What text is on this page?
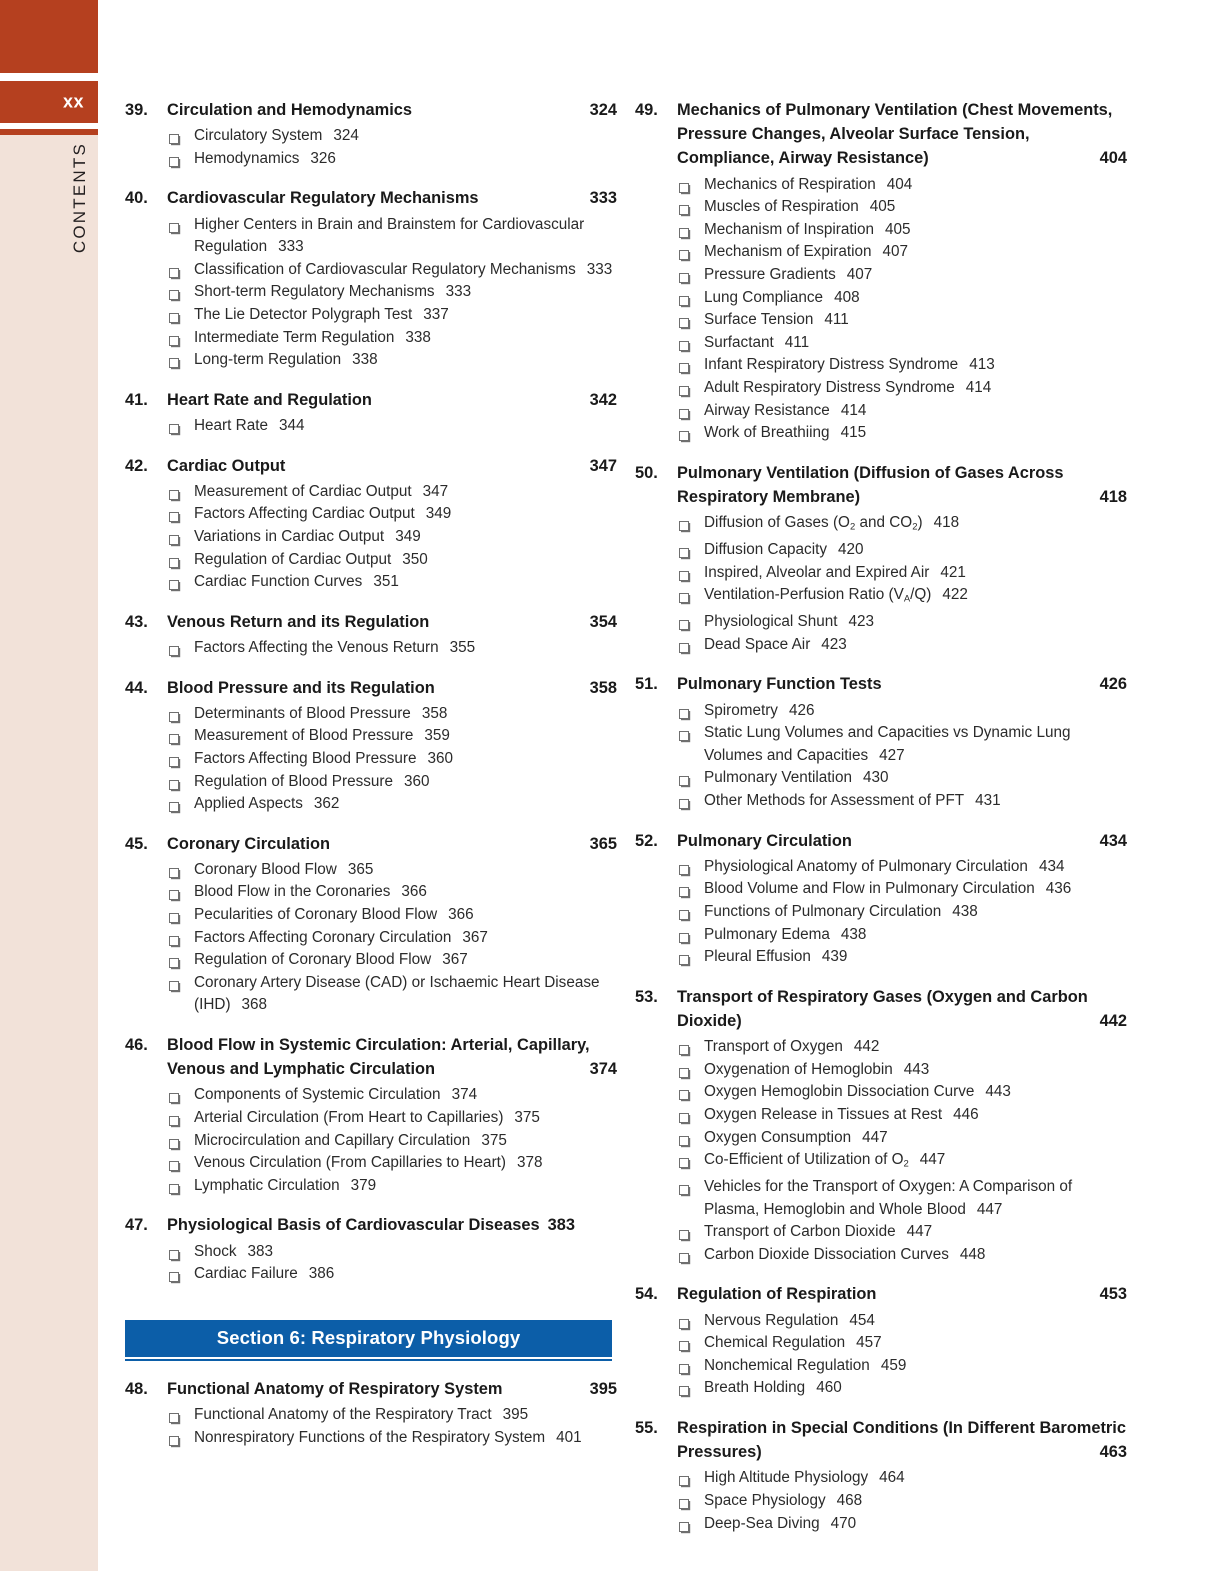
xx
CONTENTS
39.	Circulation and Hemodynamics	324
Circulatory System 324
Hemodynamics 326
40.	Cardiovascular Regulatory Mechanisms	333
Higher Centers in Brain and Brainstem for Cardiovascular Regulation 333
Classification of Cardiovascular Regulatory Mechanisms 333
Short-term Regulatory Mechanisms 333
The Lie Detector Polygraph Test 337
Intermediate Term Regulation 338
Long-term Regulation 338
41.	Heart Rate and Regulation	342
Heart Rate 344
42.	Cardiac Output	347
Measurement of Cardiac Output 347
Factors Affecting Cardiac Output 349
Variations in Cardiac Output 349
Regulation of Cardiac Output 350
Cardiac Function Curves 351
43.	Venous Return and its Regulation	354
Factors Affecting the Venous Return 355
44.	Blood Pressure and its Regulation	358
Determinants of Blood Pressure 358
Measurement of Blood Pressure 359
Factors Affecting Blood Pressure 360
Regulation of Blood Pressure 360
Applied Aspects 362
45.	Coronary Circulation	365
Coronary Blood Flow 365
Blood Flow in the Coronaries 366
Pecularities of Coronary Blood Flow 366
Factors Affecting Coronary Circulation 367
Regulation of Coronary Blood Flow 367
Coronary Artery Disease (CAD) or Ischaemic Heart Disease (IHD) 368
46.	Blood Flow in Systemic Circulation: Arterial, Capillary, Venous and Lymphatic Circulation	374
Components of Systemic Circulation 374
Arterial Circulation (From Heart to Capillaries) 375
Microcirculation and Capillary Circulation 375
Venous Circulation (From Capillaries to Heart) 378
Lymphatic Circulation 379
47.	Physiological Basis of Cardiovascular Diseases 383
Shock 383
Cardiac Failure 386
Section 6: Respiratory Physiology
48.	Functional Anatomy of Respiratory System	395
Functional Anatomy of the Respiratory Tract 395
Nonrespiratory Functions of the Respiratory System 401
49.	Mechanics of Pulmonary Ventilation (Chest Movements, Pressure Changes, Alveolar Surface Tension, Compliance, Airway Resistance)	404
Mechanics of Respiration 404
Muscles of Respiration 405
Mechanism of Inspiration 405
Mechanism of Expiration 407
Pressure Gradients 407
Lung Compliance 408
Surface Tension 411
Surfactant 411
Infant Respiratory Distress Syndrome 413
Adult Respiratory Distress Syndrome 414
Airway Resistance 414
Work of Breathiing 415
50.	Pulmonary Ventilation (Diffusion of Gases Across Respiratory Membrane)	418
Diffusion of Gases ($O_2$ and $CO_2$) 418
Diffusion Capacity 420
Inspired, Alveolar and Expired Air 421
Ventilation-Perfusion Ratio $(V_A/Q)$ 422
Physiological Shunt 423
Dead Space Air 423
51.	Pulmonary Function Tests	426
Spirometry 426
Static Lung Volumes and Capacities vs Dynamic Lung Volumes and Capacities 427
Pulmonary Ventilation 430
Other Methods for Assessment of PFT 431
52.	Pulmonary Circulation	434
Physiological Anatomy of Pulmonary Circulation 434
Blood Volume and Flow in Pulmonary Circulation 436
Functions of Pulmonary Circulation 438
Pulmonary Edema 438
Pleural Effusion 439
53.	Transport of Respiratory Gases (Oxygen and Carbon Dioxide)	442
Transport of Oxygen 442
Oxygenation of Hemoglobin 443
Oxygen Hemoglobin Dissociation Curve 443
Oxygen Release in Tissues at Rest 446
Oxygen Consumption 447
Co-Efficient of Utilization of $O_2$ 447
Vehicles for the Transport of Oxygen: A Comparison of Plasma, Hemoglobin and Whole Blood 447
Transport of Carbon Dioxide 447
Carbon Dioxide Dissociation Curves 448
54.	Regulation of Respiration	453
Nervous Regulation 454
Chemical Regulation 457
Nonchemical Regulation 459
Breath Holding 460
55.	Respiration in Special Conditions (In Different Barometric Pressures)	463
High Altitude Physiology 464
Space Physiology 468
Deep-Sea Diving 470
